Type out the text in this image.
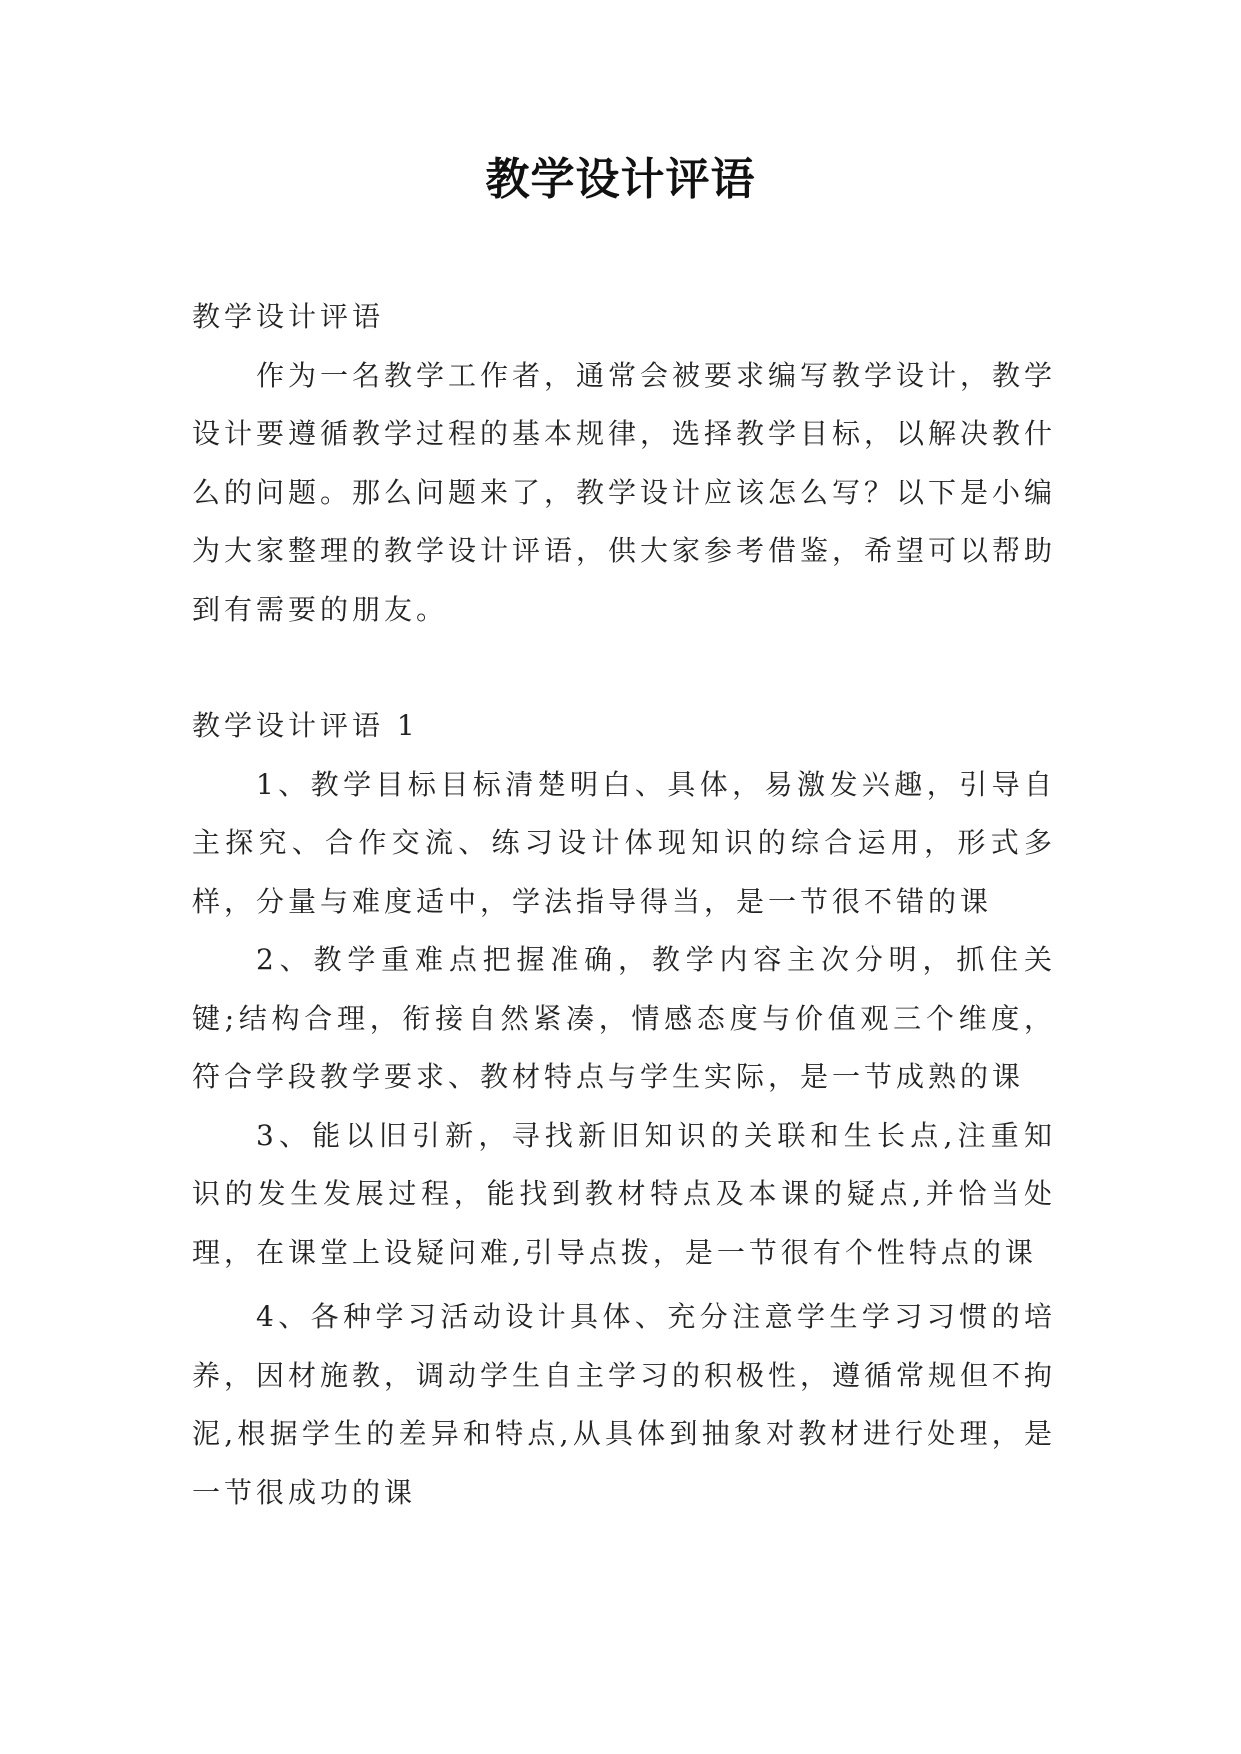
教学设计评语

教学设计评语

作为一名教学工作者，通常会被要求编写教学设计，教学设计要遵循教学过程的基本规律，选择教学目标，以解决教什么的问题。那么问题来了，教学设计应该怎么写？以下是小编为大家整理的教学设计评语，供大家参考借鉴，希望可以帮助到有需要的朋友。

教学设计评语 1

1、教学目标目标清楚明白、具体，易激发兴趣，引导自主探究、合作交流、练习设计体现知识的综合运用，形式多样，分量与难度适中，学法指导得当，是一节很不错的课

2、教学重难点把握准确，教学内容主次分明，抓住关键;结构合理，衔接自然紧凑，情感态度与价值观三个维度，符合学段教学要求、教材特点与学生实际，是一节成熟的课

3、能以旧引新，寻找新旧知识的关联和生长点,注重知识的发生发展过程，能找到教材特点及本课的疑点,并恰当处理，在课堂上设疑问难,引导点拨，是一节很有个性特点的课

4、各种学习活动设计具体、充分注意学生学习习惯的培养，因材施教，调动学生自主学习的积极性，遵循常规但不拘泥,根据学生的差异和特点,从具体到抽象对教材进行处理，是一节很成功的课
